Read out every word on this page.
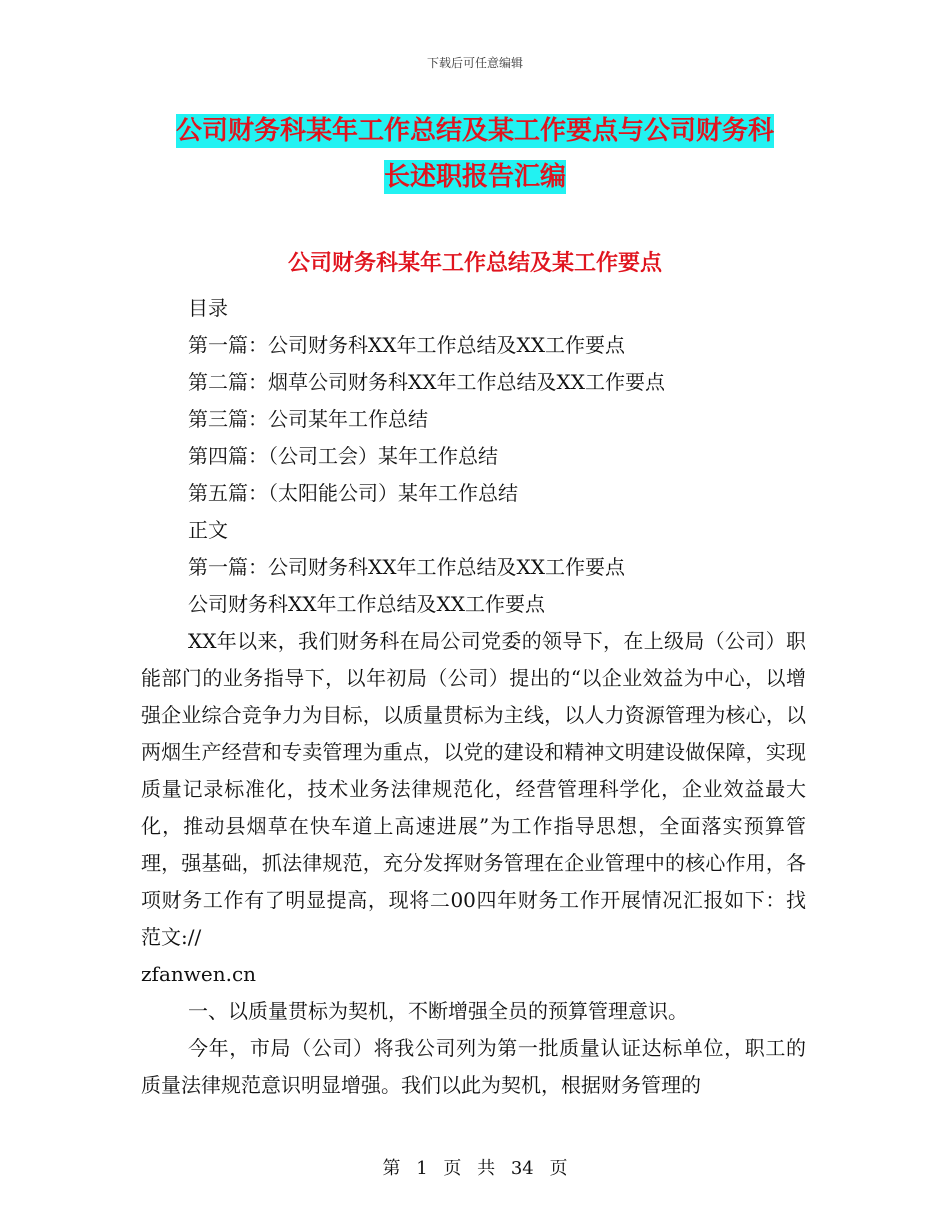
下载后可任意编辑
公司财务科某年工作总结及某工作要点与公司财务科
长述职报告汇编
公司财务科某年工作总结及某工作要点

目录

第一篇：公司财务科XX年工作总结及XX工作要点

第二篇：烟草公司财务科XX年工作总结及XX工作要点

第三篇：公司某年工作总结

第四篇：（公司工会）某年工作总结

第五篇：（太阳能公司）某年工作总结

正文

第一篇：公司财务科XX年工作总结及XX工作要点

公司财务科XX年工作总结及XX工作要点

XX年以来，我们财务科在局公司党委的领导下，在上级局（公司）职能部门的业务指导下，以年初局（公司）提出的“以企业效益为中心，以增强企业综合竞争力为目标，以质量贯标为主线，以人力资源管理为核心，以两烟生产经营和专卖管理为重点，以党的建设和精神文明建设做保障，实现质量记录标准化，技术业务法律规范化，经营管理科学化，企业效益最大化，推动县烟草在快车道上高速进展”为工作指导思想，全面落实预算管理，强基础，抓法律规范，充分发挥财务管理在企业管理中的核心作用，各项财务工作有了明显提高，现将二00四年财务工作开展情况汇报如下：找范文://

zfanwen.cn

一、以质量贯标为契机，不断增强全员的预算管理意识。

今年，市局（公司）将我公司列为第一批质量认证达标单位，职工的质量法律规范意识明显增强。我们以此为契机，根据财务管理的

第 1 页 共 34 页
